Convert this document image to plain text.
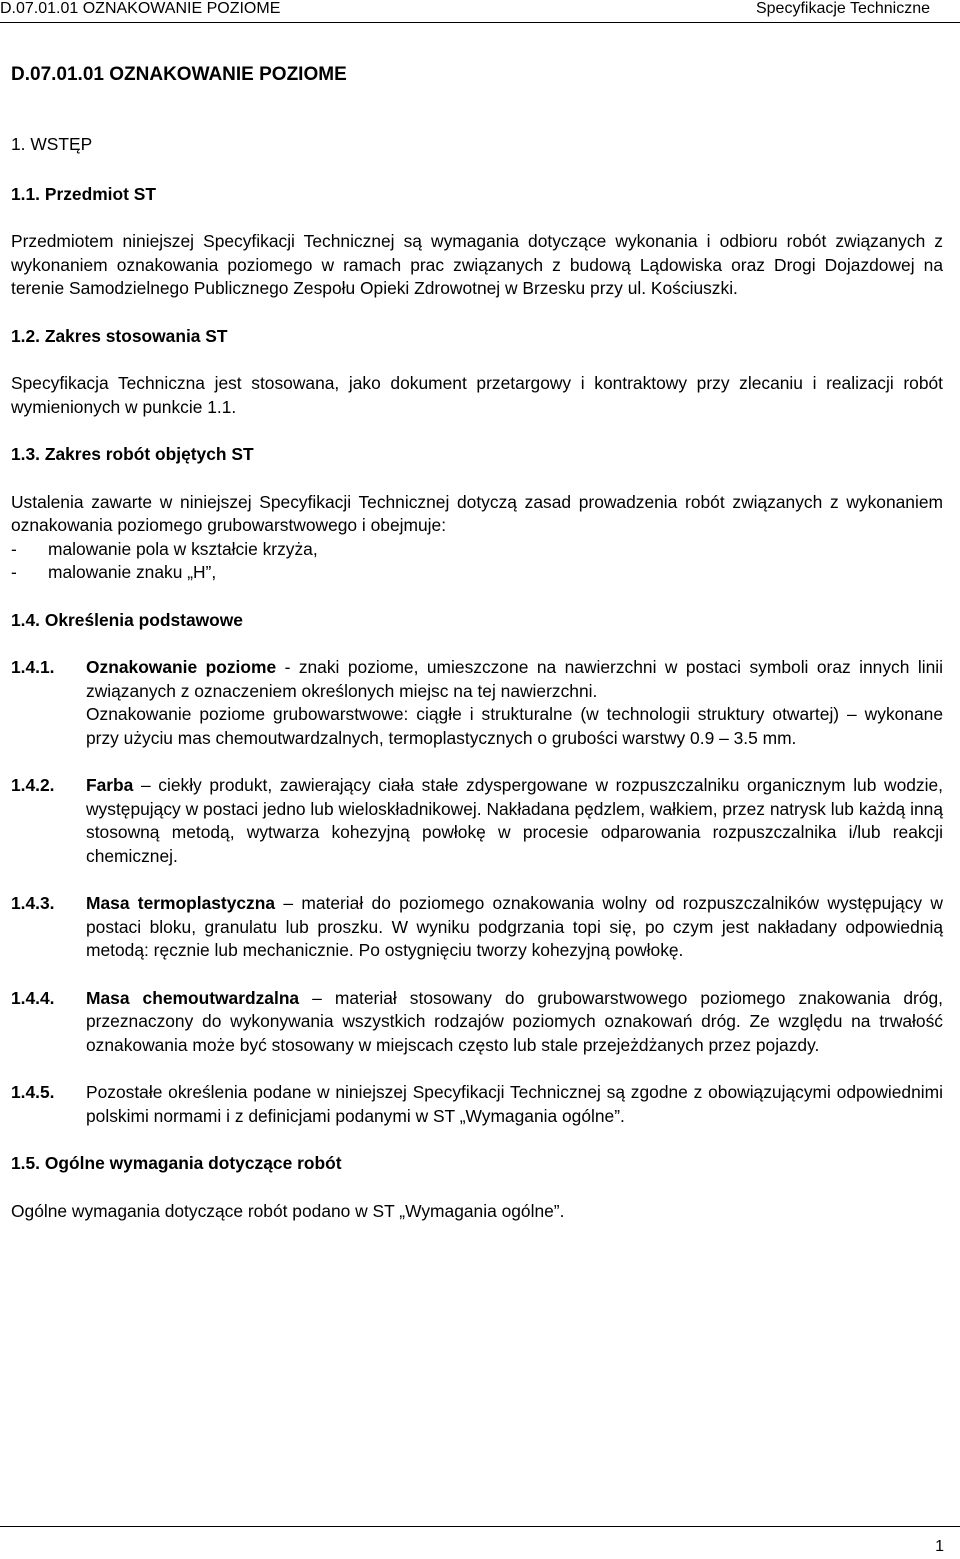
D.07.01.01 OZNAKOWANIE POZIOME	Specyfikacje Techniczne
D.07.01.01 OZNAKOWANIE POZIOME
1. WSTĘP
1.1. Przedmiot ST
Przedmiotem niniejszej Specyfikacji Technicznej są wymagania dotyczące wykonania i odbioru robót związanych z wykonaniem oznakowania poziomego w ramach prac związanych z budową Lądowiska oraz Drogi Dojazdowej na terenie Samodzielnego Publicznego Zespołu Opieki Zdrowotnej w Brzesku przy ul. Kościuszki.
1.2. Zakres stosowania ST
Specyfikacja Techniczna jest stosowana, jako dokument przetargowy i kontraktowy przy zlecaniu i realizacji robót wymienionych w punkcie 1.1.
1.3. Zakres robót objętych ST
Ustalenia zawarte w niniejszej Specyfikacji Technicznej dotyczą zasad prowadzenia robót związanych z wykonaniem oznakowania poziomego grubowarstwowego i obejmuje:
- malowanie pola w kształcie krzyża,
- malowanie znaku „H”,
1.4. Określenia podstawowe
1.4.1.	Oznakowanie poziome - znaki poziome, umieszczone na nawierzchni w postaci symboli oraz innych linii związanych z oznaczeniem określonych miejsc na tej nawierzchni.
Oznakowanie poziome grubowarstwowe: ciągłe i strukturalne (w technologii struktury otwartej) – wykonane przy użyciu mas chemoutwardzalnych, termoplastycznych o grubości warstwy 0.9 – 3.5 mm.
1.4.2.	Farba – ciekły produkt, zawierający ciała stałe zdyspergowane w rozpuszczalniku organicznym lub wodzie, występujący w postaci jedno lub wieloskładnikowej. Nakładana pędzlem, wałkiem, przez natrysk lub każdą inną stosowną metodą, wytwarza kohezyjną powłokę w procesie odparowania rozpuszczalnika i/lub reakcji chemicznej.
1.4.3.	Masa termoplastyczna – materiał do poziomego oznakowania wolny od rozpuszczalników występujący w postaci bloku, granulatu lub proszku. W wyniku podgrzania topi się, po czym jest nakładany odpowiednią metodą: ręcznie lub mechanicznie. Po ostygnięciu tworzy kohezyjną powłokę.
1.4.4.	Masa chemoutwardzalna – materiał stosowany do grubowarstwowego poziomego znakowania dróg, przeznaczony do wykonywania wszystkich rodzajów poziomych oznakowań dróg. Ze względu na trwałość oznakowania może być stosowany w miejscach często lub stale przejeżdżanych przez pojazdy.
1.4.5.	Pozostałe określenia podane w niniejszej Specyfikacji Technicznej są zgodne z obowiązującymi odpowiednimi polskimi normami i z definicjami podanymi w ST „Wymagania ogólne”.
1.5. Ogólne wymagania dotyczące robót
Ogólne wymagania dotyczące robót podano w ST „Wymagania ogólne”.
1
